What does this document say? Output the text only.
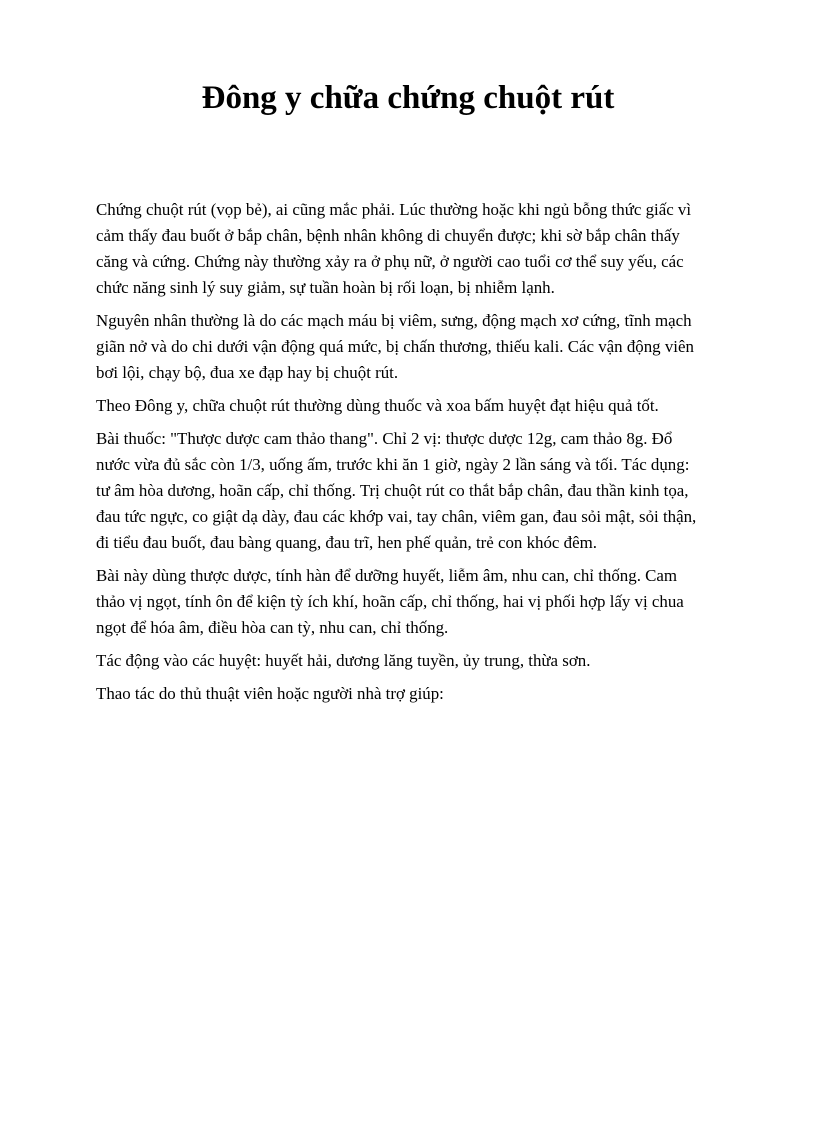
Đông y chữa chứng chuột rút

Chứng chuột rút (vọp bẻ), ai cũng mắc phải. Lúc thường hoặc khi ngủ bỗng thức giấc vì
cảm thấy đau buốt ở bắp chân, bệnh nhân không di chuyển được; khi sờ bắp chân thấy
căng và cứng. Chứng này thường xảy ra ở phụ nữ, ở người cao tuổi cơ thể suy yếu, các
chức năng sinh lý suy giảm, sự tuần hoàn bị rối loạn, bị nhiễm lạnh.

Nguyên nhân thường là do các mạch máu bị viêm, sưng, động mạch xơ cứng, tĩnh mạch
giãn nở và do chi dưới vận động quá mức, bị chấn thương, thiếu kali. Các vận động viên
bơi lội, chạy bộ, đua xe đạp hay bị chuột rút.

Theo Đông y, chữa chuột rút thường dùng thuốc và xoa bấm huyệt đạt hiệu quả tốt.

Bài thuốc: "Thược dược cam thảo thang". Chỉ 2 vị: thược dược 12g, cam thảo 8g. Đổ
nước vừa đủ sắc còn 1/3, uống ấm, trước khi ăn 1 giờ, ngày 2 lần sáng và tối. Tác dụng:
tư âm hòa dương, hoãn cấp, chỉ thống. Trị chuột rút co thắt bắp chân, đau thần kinh tọa,
đau tức ngực, co giật dạ dày, đau các khớp vai, tay chân, viêm gan, đau sỏi mật, sỏi thận,
đi tiểu đau buốt, đau bàng quang, đau trĩ, hen phế quản, trẻ con khóc đêm.

Bài này dùng thược dược, tính hàn để dưỡng huyết, liễm âm, nhu can, chỉ thống. Cam
thảo vị ngọt, tính ôn để kiện tỳ ích khí, hoãn cấp, chỉ thống, hai vị phối hợp lấy vị chua
ngọt để hóa âm, điều hòa can tỳ, nhu can, chỉ thống.

Tác động vào các huyệt: huyết hải, dương lăng tuyền, ủy trung, thừa sơn.

Thao tác do thủ thuật viên hoặc người nhà trợ giúp:
